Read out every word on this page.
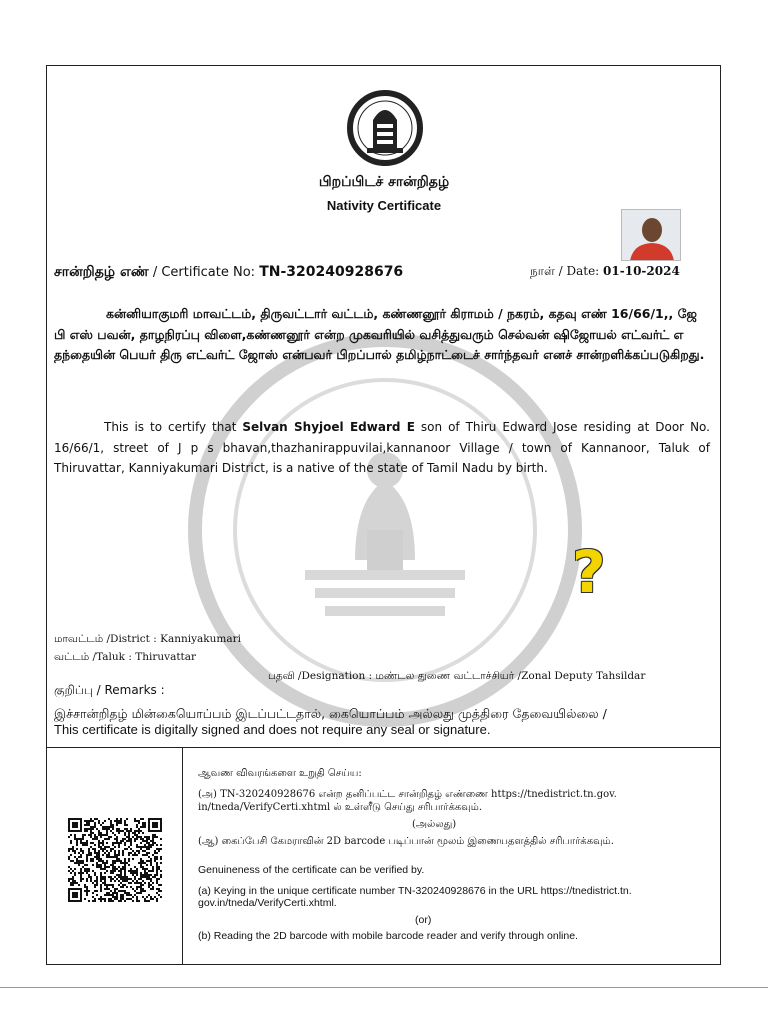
பிறப்பிடச் சான்றிதழ்
Nativity Certificate
சான்றிதழ் எண் / Certificate No: TN-320240928676	நாள் / Date: 01-10-2024

கன்னியாகுமரி மாவட்டம், திருவட்டார் வட்டம், கண்ணனூர் கிராமம் / நகரம், கதவு எண் 16/66/1,, ஜே பி எஸ் பவன், தாழநிரப்பு விளை,கண்ணனூர் என்ற முகவரியில் வசித்துவரும் செல்வன் ஷிஜோயல் எட்வர்ட் எ தந்தையின் பெயர் திரு எட்வர்ட் ஜோஸ் என்பவர் பிறப்பால் தமிழ்நாட்டைச் சார்ந்தவர் எனச் சான்றளிக்கப்படுகிறது.

This is to certify that Selvan Shyjoel Edward E son of Thiru Edward Jose residing at Door No. 16/66/1, street of J p s bhavan,thazhanirappuvilai,kannanoor Village / town of Kannanoor, Taluk of Thiruvattar, Kanniyakumari District, is a native of the state of Tamil Nadu by birth.

?
மாவட்டம் /District : Kanniyakumari
வட்டம் /Taluk : Thiruvattar
பதவி /Designation : மண்டல துணை வட்டாச்சியர் /Zonal Deputy Tahsildar
குறிப்பு / Remarks :
இச்சான்றிதழ் மின்கையொப்பம் இடப்பட்டதால், கையொப்பம் அல்லது முத்திரை தேவையில்லை /
This certificate is digitally signed and does not require any seal or signature.
ஆவண விவரங்களை உறுதி செய்ய:
(அ) TN-320240928676 என்ற தனிப்பட்ட சான்றிதழ் எண்ணை https://tnedistrict.tn.gov.
in/tneda/VerifyCerti.xhtml ல் உள்ளீடு செய்து சரிபார்க்கவும்.
(அல்லது)
(ஆ) கைப்பேசி கேமராவின் 2D barcode படிப்பான் மூலம் இணையதளத்தில் சரிபார்க்கவும்.
Genuineness of the certificate can be verified by.
(a) Keying in the unique certificate number TN-320240928676 in the URL https://tnedistrict.tn.
gov.in/tneda/VerifyCerti.xhtml.
(or)
(b) Reading the 2D barcode with mobile barcode reader and verify through online.
